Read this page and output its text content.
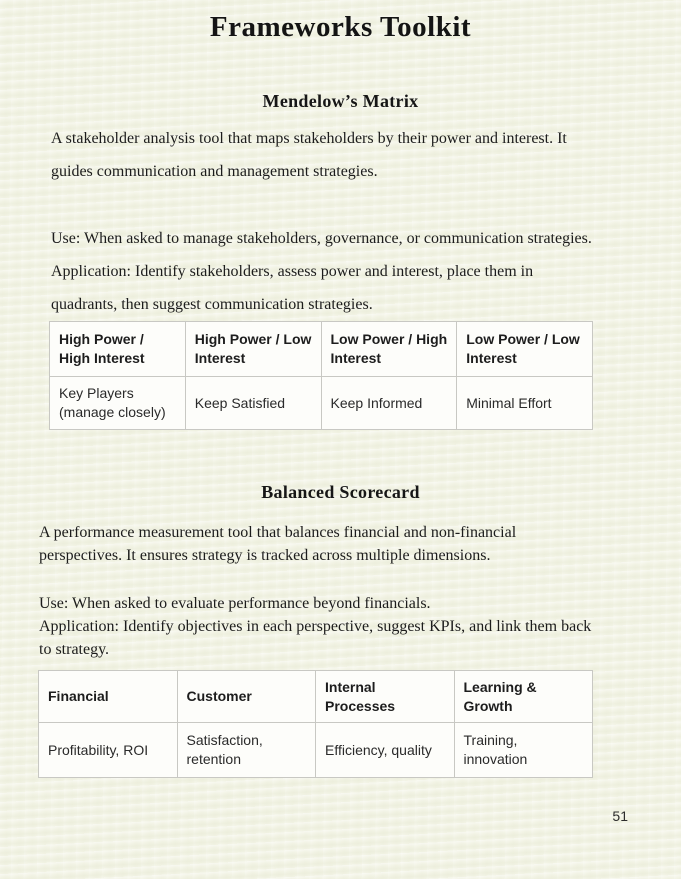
Frameworks Toolkit
Mendelow’s Matrix
A stakeholder analysis tool that maps stakeholders by their power and interest. It
guides communication and management strategies.
Use: When asked to manage stakeholders, governance, or communication strategies.
Application: Identify stakeholders, assess power and interest, place them in
quadrants, then suggest communication strategies.
High Power / High Interest	High Power / Low Interest	Low Power / High Interest	Low Power / Low Interest
Key Players (manage closely)	Keep Satisfied	Keep Informed	Minimal Effort
Balanced Scorecard
A performance measurement tool that balances financial and non-financial
perspectives. It ensures strategy is tracked across multiple dimensions.
Use: When asked to evaluate performance beyond financials.
Application: Identify objectives in each perspective, suggest KPIs, and link them back
to strategy.
Financial	Customer	Internal Processes	Learning & Growth
Profitability, ROI	Satisfaction, retention	Efficiency, quality	Training, innovation
51
